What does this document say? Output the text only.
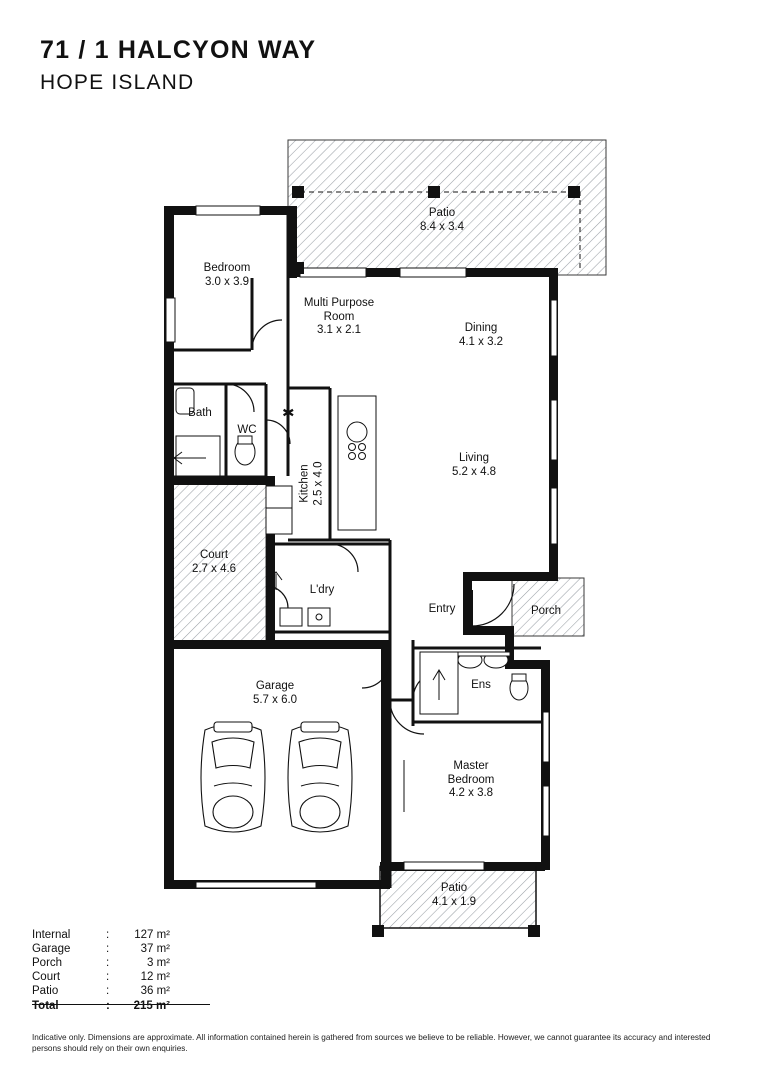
71 / 1 HALCYON WAY
HOPE ISLAND
✱
Patio
8.4 x 3.4
Bedroom
3.0 x 3.9
Multi Purpose
Room
3.1 x 2.1	Dining
4.1 x 3.2
Bath
WC
Kitchen 2.5 x 4.0
Living
5.2 x 4.8
Court
2.7 x 4.6
L'dry
Entry	Porch
Ens
Garage
5.7 x 6.0
Master
Bedroom
4.2 x 3.8
Patio
4.1 x 1.9
Internal	:	127 m²
Garage	:	37 m²
Porch	:	3 m²
Court	:	12 m²
Patio	:	36 m²
Total	:	215 m²
Indicative only. Dimensions are approximate. All information contained herein is gathered from sources we believe to be reliable. However, we cannot guarantee its accuracy and interested persons should rely on their own enquiries.
